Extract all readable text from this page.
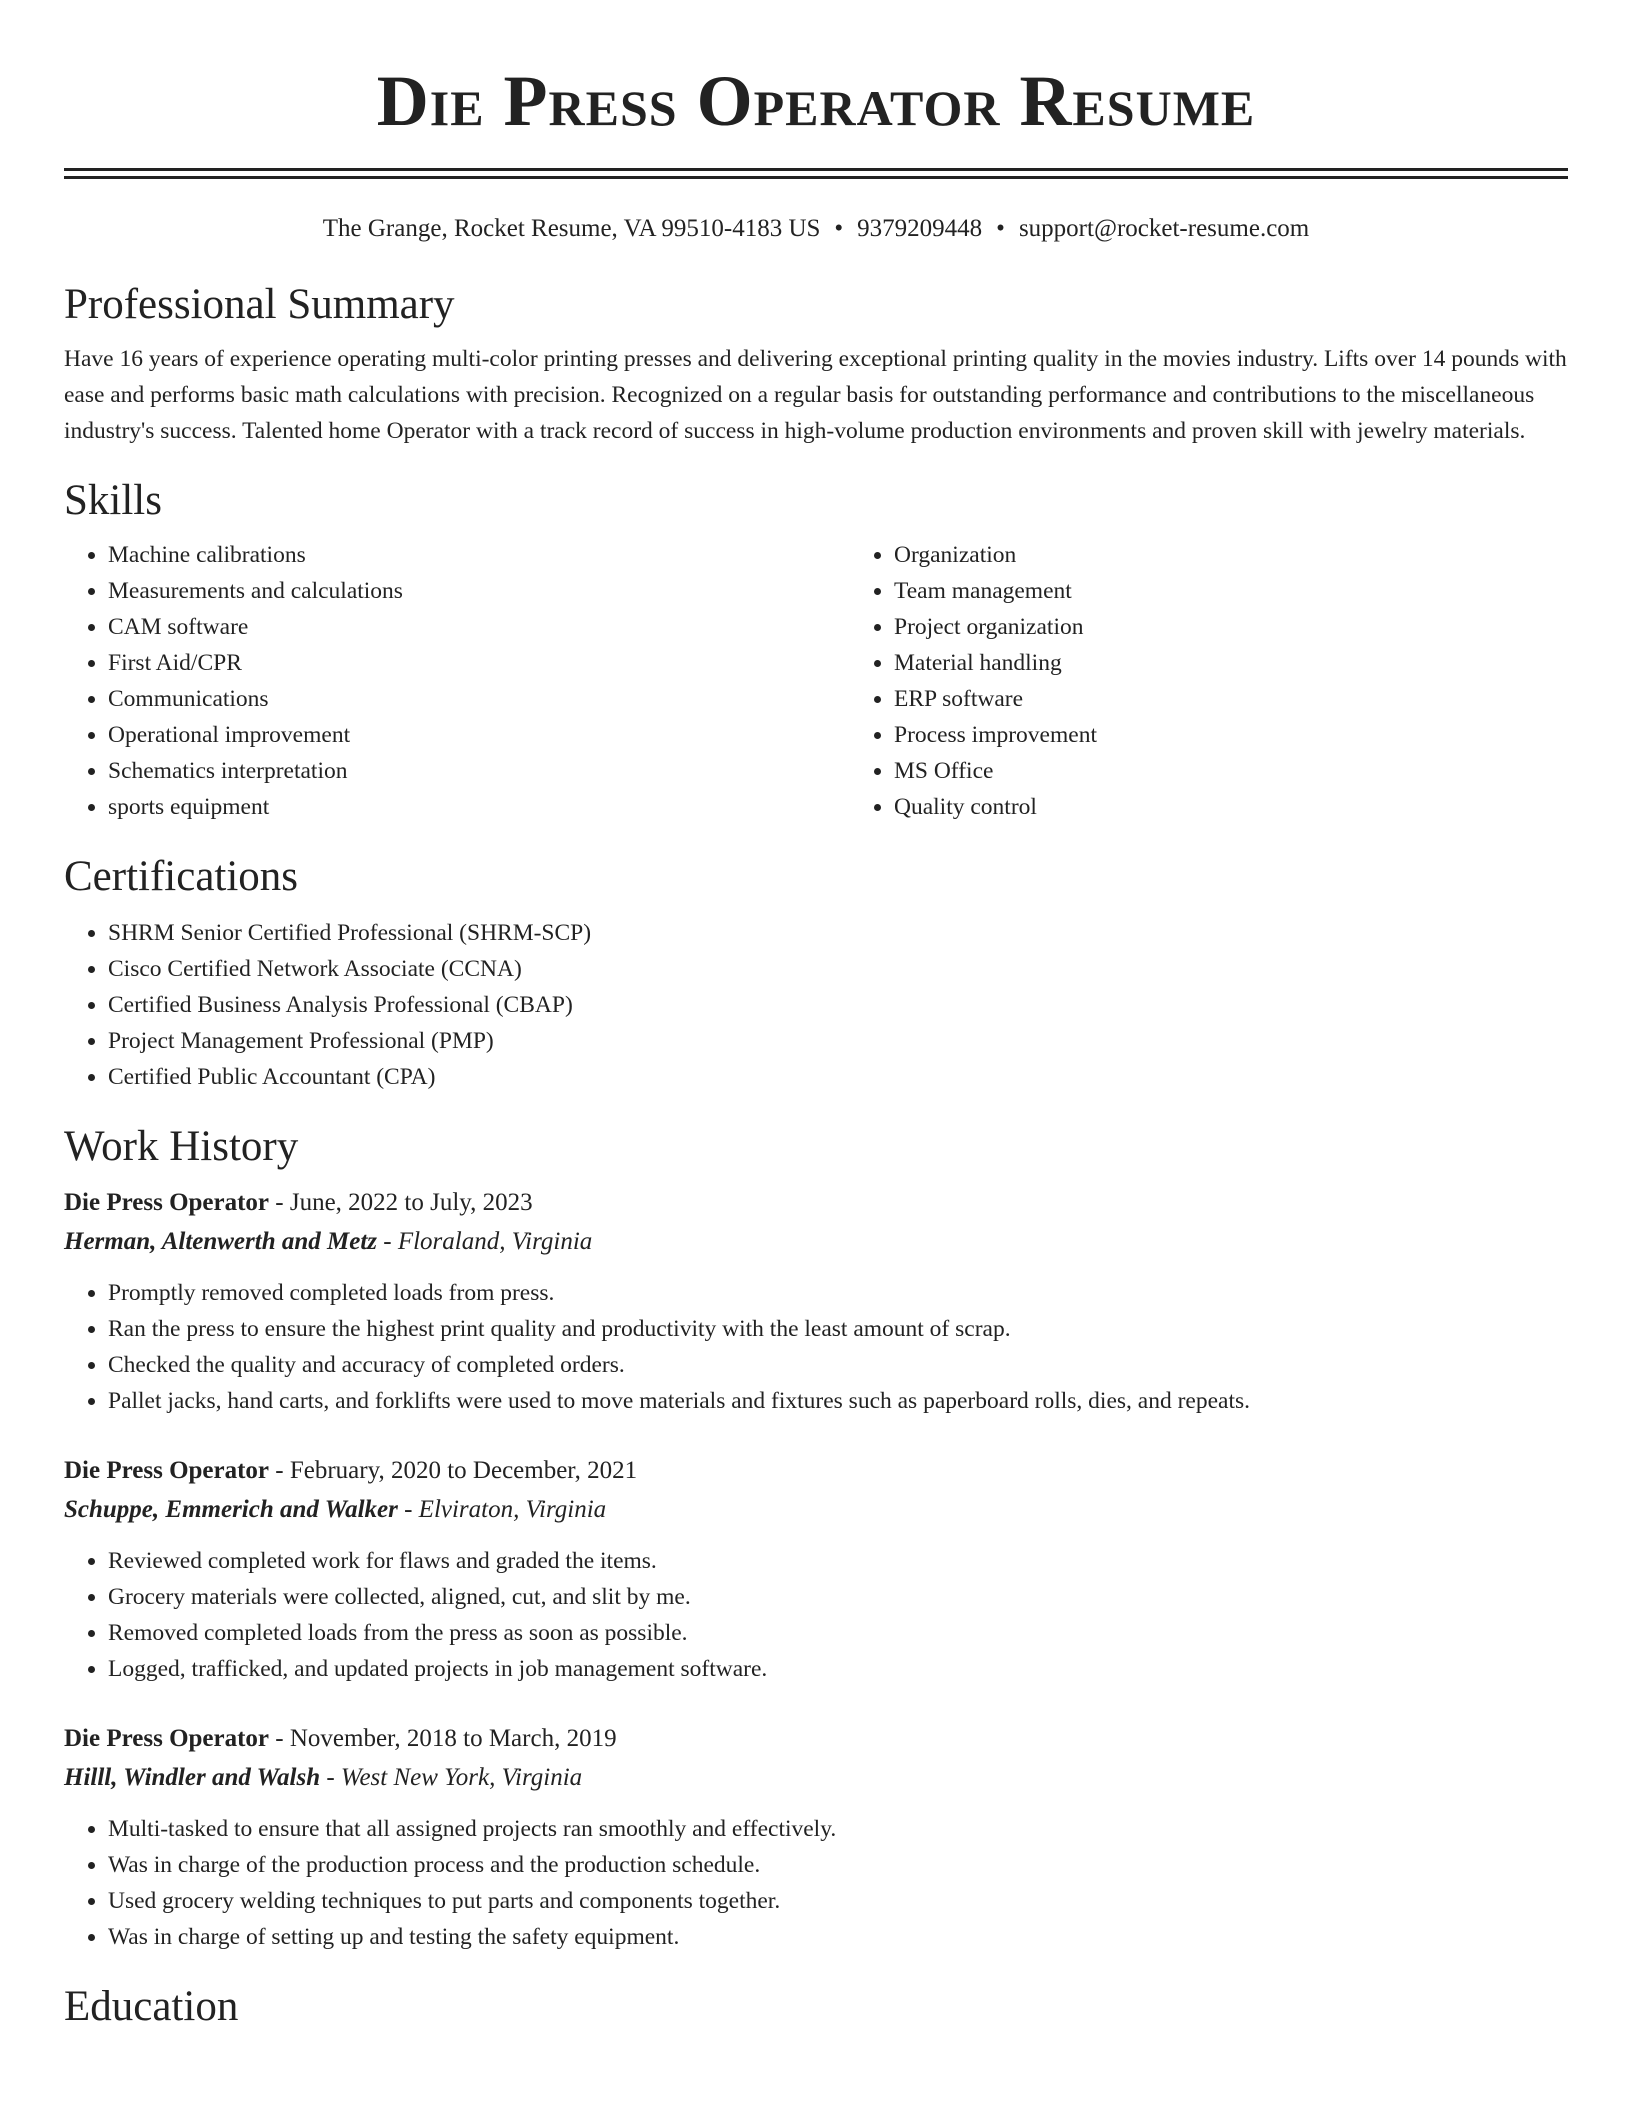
Die Press Operator Resume
The Grange, Rocket Resume, VA 99510-4183 US • 9379209448 • support@rocket-resume.com
Professional Summary

Have 16 years of experience operating multi-color printing presses and delivering exceptional printing quality in the movies industry. Lifts over 14 pounds with ease and performs basic math calculations with precision. Recognized on a regular basis for outstanding performance and contributions to the miscellaneous industry's success. Talented home Operator with a track record of success in high-volume production environments and proven skill with jewelry materials.

Skills
• Machine calibrations
• Measurements and calculations
• CAM software
• First Aid/CPR
• Communications
• Operational improvement
• Schematics interpretation
• sports equipment
• Organization
• Team management
• Project organization
• Material handling
• ERP software
• Process improvement
• MS Office
• Quality control
Certifications
• SHRM Senior Certified Professional (SHRM-SCP)
• Cisco Certified Network Associate (CCNA)
• Certified Business Analysis Professional (CBAP)
• Project Management Professional (PMP)
• Certified Public Accountant (CPA)
Work History
Die Press Operator - June, 2022 to July, 2023
Herman, Altenwerth and Metz - Floraland, Virginia
• Promptly removed completed loads from press.
• Ran the press to ensure the highest print quality and productivity with the least amount of scrap.
• Checked the quality and accuracy of completed orders.
• Pallet jacks, hand carts, and forklifts were used to move materials and fixtures such as paperboard rolls, dies, and repeats.
Die Press Operator - February, 2020 to December, 2021
Schuppe, Emmerich and Walker - Elviraton, Virginia
• Reviewed completed work for flaws and graded the items.
• Grocery materials were collected, aligned, cut, and slit by me.
• Removed completed loads from the press as soon as possible.
• Logged, trafficked, and updated projects in job management software.
Die Press Operator - November, 2018 to March, 2019
Hilll, Windler and Walsh - West New York, Virginia
• Multi-tasked to ensure that all assigned projects ran smoothly and effectively.
• Was in charge of the production process and the production schedule.
• Used grocery welding techniques to put parts and components together.
• Was in charge of setting up and testing the safety equipment.
Education
